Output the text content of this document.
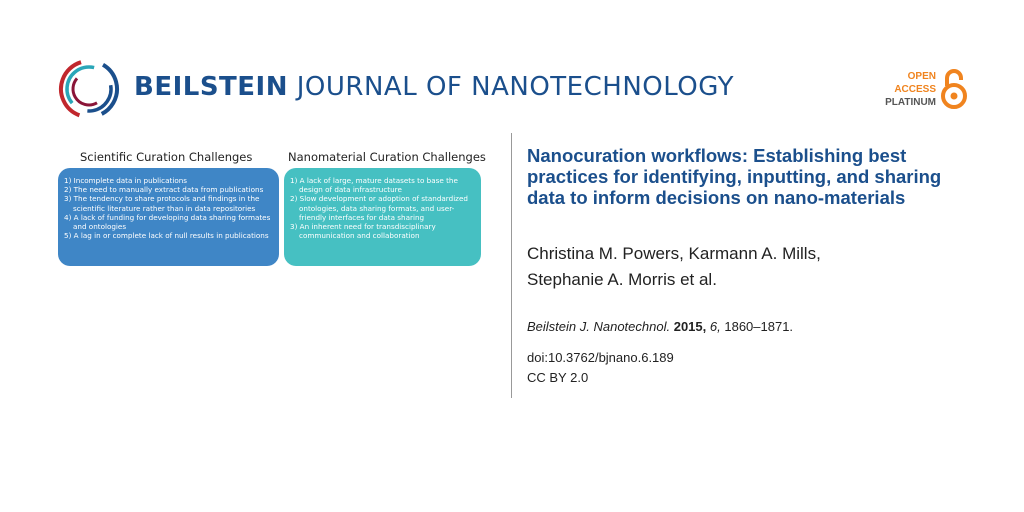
BEILSTEIN JOURNAL OF NANOTECHNOLOGY	OPEN
ACCESS
PLATINUM
Scientific Curation Challenges	Nanomaterial Curation Challenges
1) Incomplete data in publications
2) The need to manually extract data from publications
3) The tendency to share protocols and findings in the scientific literature rather than in data repositories
4) A lack of funding for developing data sharing formates and ontologies
5) A lag in or complete lack of null results in publications
1) A lack of large, mature datasets to base the design of data infrastructure
2) Slow development or adoption of standardized ontologies, data sharing formats, and user-friendly interfaces for data sharing
3) An inherent need for transdisciplinary communication and collaboration
Nanocuration workflows: Establishing best practices for identifying, inputting, and sharing data to inform decisions on nano-materials
Christina M. Powers, Karmann A. Mills,
Stephanie A. Morris et al.
Beilstein J. Nanotechnol. 2015, 6, 1860–1871.
doi:10.3762/bjnano.6.189
CC BY 2.0
